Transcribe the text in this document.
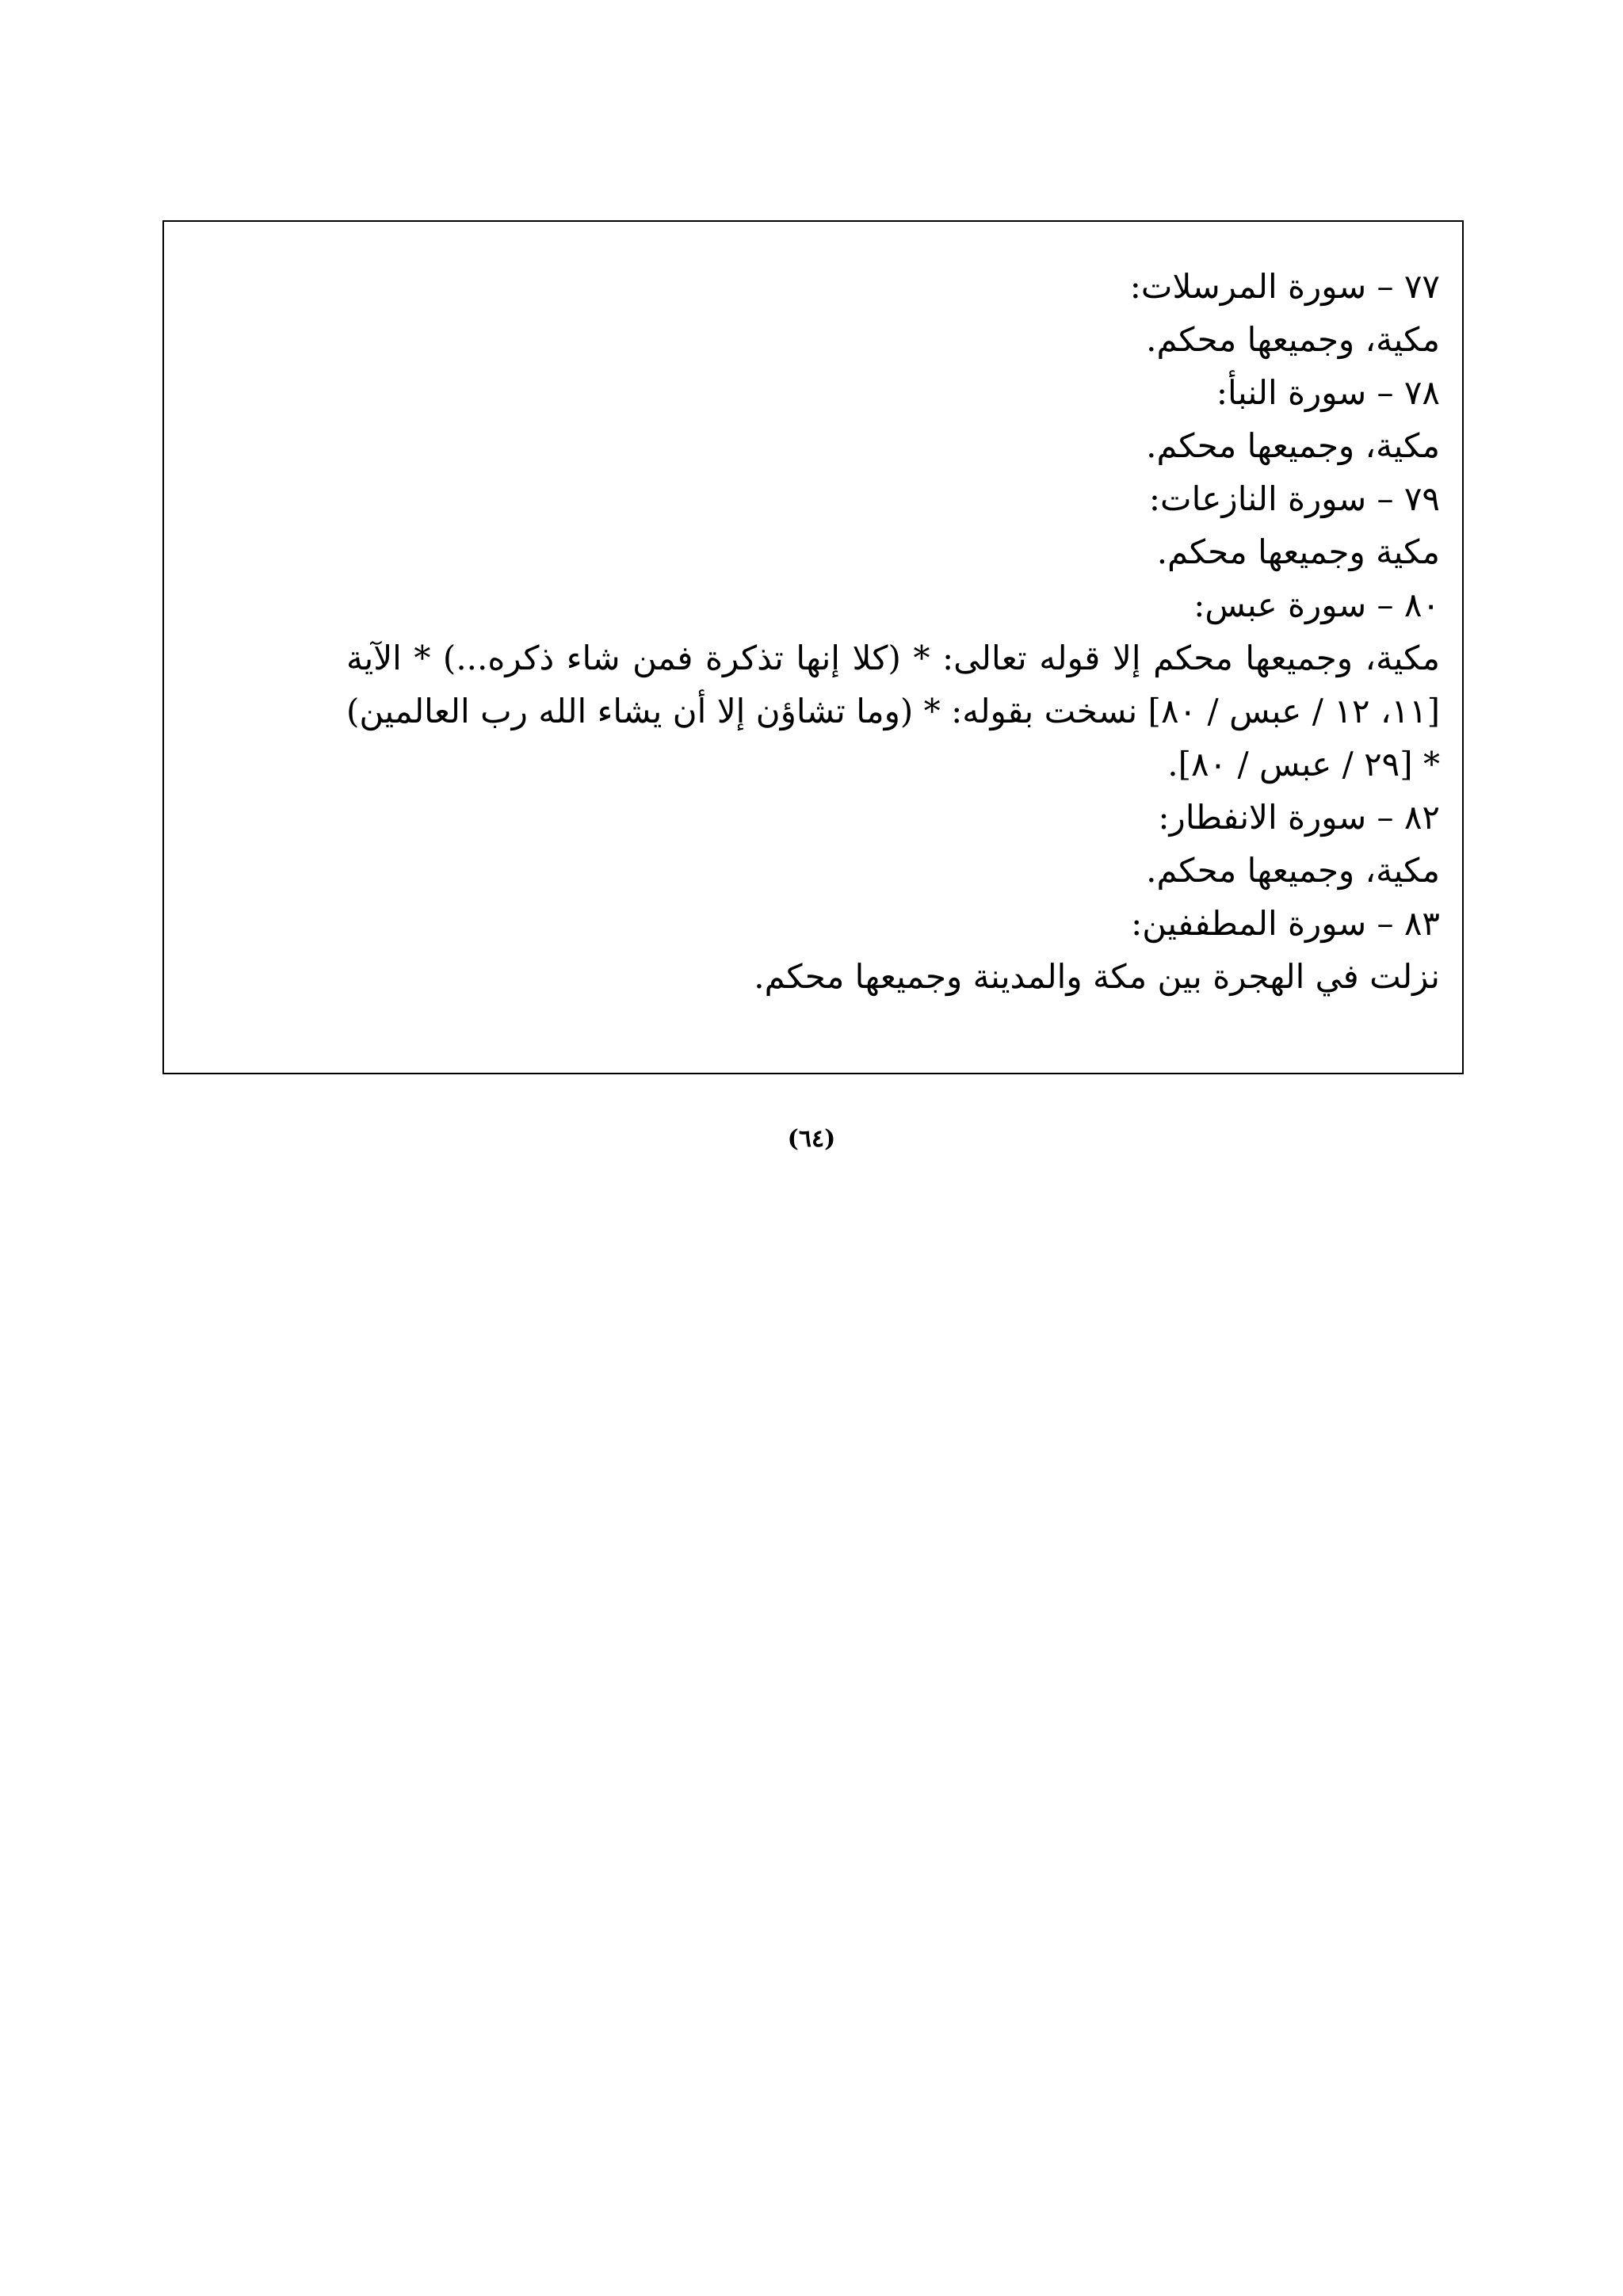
٧٧ – سورة المرسلات:
مكية، وجميعها محكم.
٧٨ – سورة النبأ:
مكية، وجميعها محكم.
٧٩ – سورة النازعات:
مكية وجميعها محكم.
٨٠ – سورة عبس:
مكية، وجميعها محكم إلا قوله تعالى: * (كلا إنها تذكرة فمن شاء ذكره...) * الآية [١١، ١٢ / عبس / ٨٠] نسخت بقوله: * (وما تشاؤن إلا أن يشاء الله رب العالمين) * [٢٩ / عبس / ٨٠].
٨٢ – سورة الانفطار:
مكية، وجميعها محكم.
٨٣ – سورة المطففين:
نزلت في الهجرة بين مكة والمدينة وجميعها محكم.
(٦٤)
